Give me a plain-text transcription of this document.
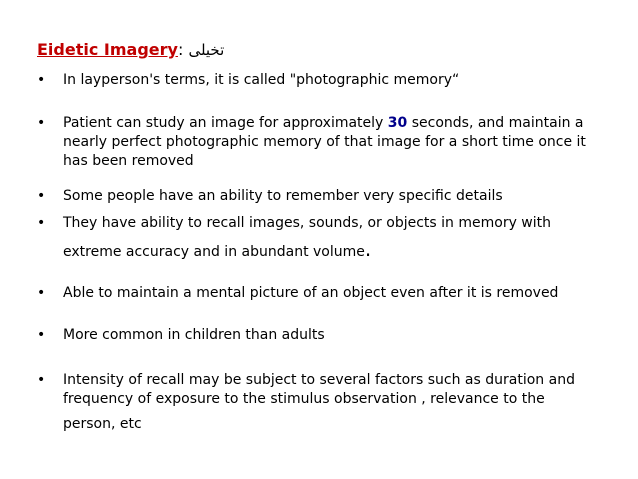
Eidetic Imagery: تخیلی
•	In layperson's terms, it is called "photographic memory“
•	Patient can study an image for approximately 30 seconds, and maintain a
nearly perfect photographic memory of that image for a short time once it
has been removed
•	Some people have an ability to remember very specific details
•	They have ability to recall images, sounds, or objects in memory with
extreme accuracy and in abundant volume.
•	Able to maintain a mental picture of an object even after it is removed
•	More common in children than adults
•	Intensity of recall may be subject to several factors such as duration and
frequency of exposure to the stimulus observation , relevance to the
person, etc
